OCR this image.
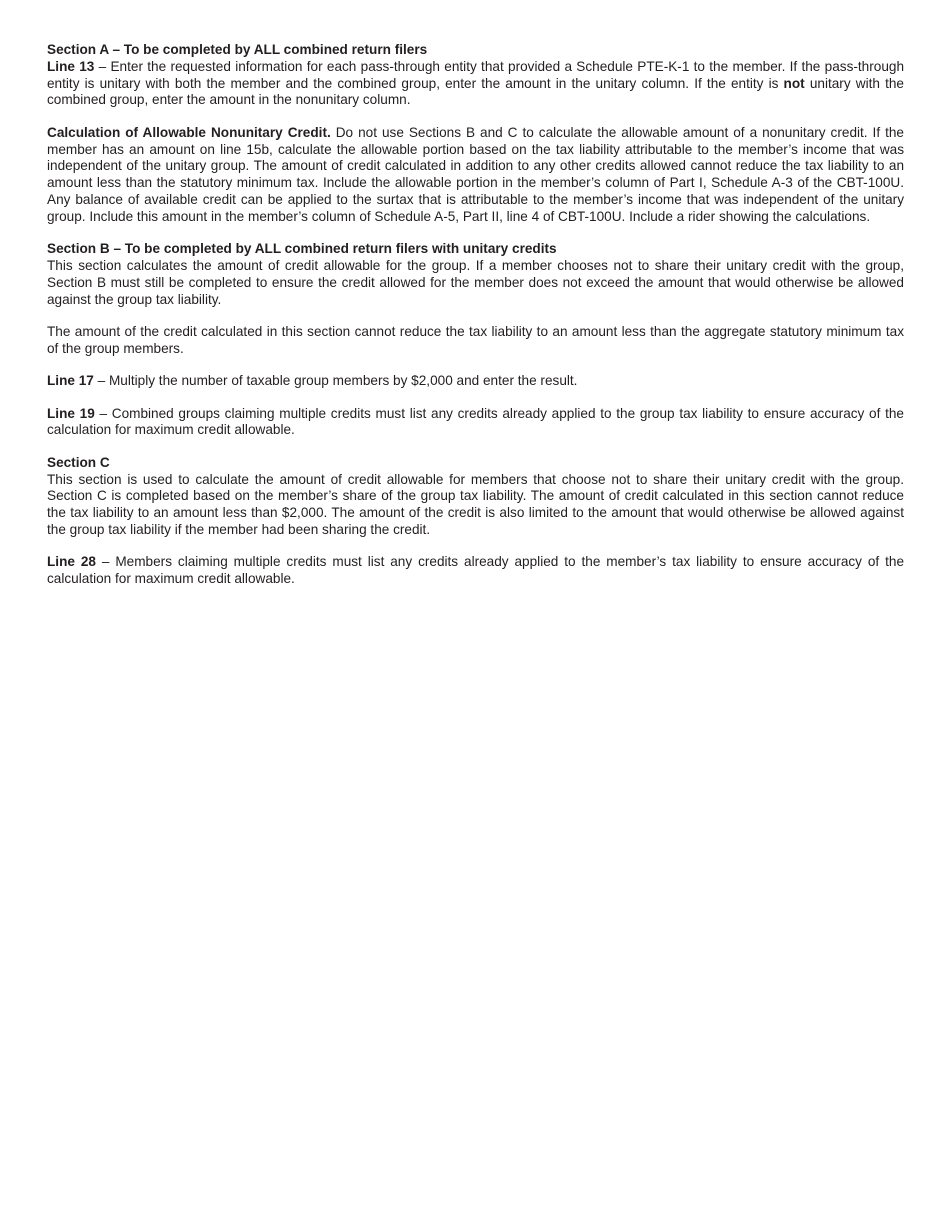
Section A – To be completed by ALL combined return filers

Line 13 – Enter the requested information for each pass-through entity that provided a Schedule PTE-K-1 to the member. If the pass-through entity is unitary with both the member and the combined group, enter the amount in the unitary column. If the entity is not unitary with the combined group, enter the amount in the nonunitary column.

Calculation of Allowable Nonunitary Credit. Do not use Sections B and C to calculate the allowable amount of a nonunitary credit. If the member has an amount on line 15b, calculate the allowable portion based on the tax liability attributable to the member’s income that was independent of the unitary group. The amount of credit calculated in addition to any other credits allowed cannot reduce the tax liability to an amount less than the statutory minimum tax. Include the allowable portion in the member’s column of Part I, Schedule A-3 of the CBT-100U. Any balance of available credit can be applied to the surtax that is attributable to the member’s income that was independent of the unitary group. Include this amount in the member’s column of Schedule A-5, Part II, line 4 of CBT-100U. Include a rider showing the calculations.

Section B – To be completed by ALL combined return filers with unitary credits

This section calculates the amount of credit allowable for the group. If a member chooses not to share their unitary credit with the group, Section B must still be completed to ensure the credit allowed for the member does not exceed the amount that would otherwise be allowed against the group tax liability.

The amount of the credit calculated in this section cannot reduce the tax liability to an amount less than the aggregate statutory minimum tax of the group members.

Line 17 – Multiply the number of taxable group members by $2,000 and enter the result.

Line 19 – Combined groups claiming multiple credits must list any credits already applied to the group tax liability to ensure accuracy of the calculation for maximum credit allowable.

Section C

This section is used to calculate the amount of credit allowable for members that choose not to share their unitary credit with the group. Section C is completed based on the member’s share of the group tax liability. The amount of credit calculated in this section cannot reduce the tax liability to an amount less than $2,000. The amount of the credit is also limited to the amount that would otherwise be allowed against the group tax liability if the member had been sharing the credit.

Line 28 – Members claiming multiple credits must list any credits already applied to the member’s tax liability to ensure accuracy of the calculation for maximum credit allowable.
